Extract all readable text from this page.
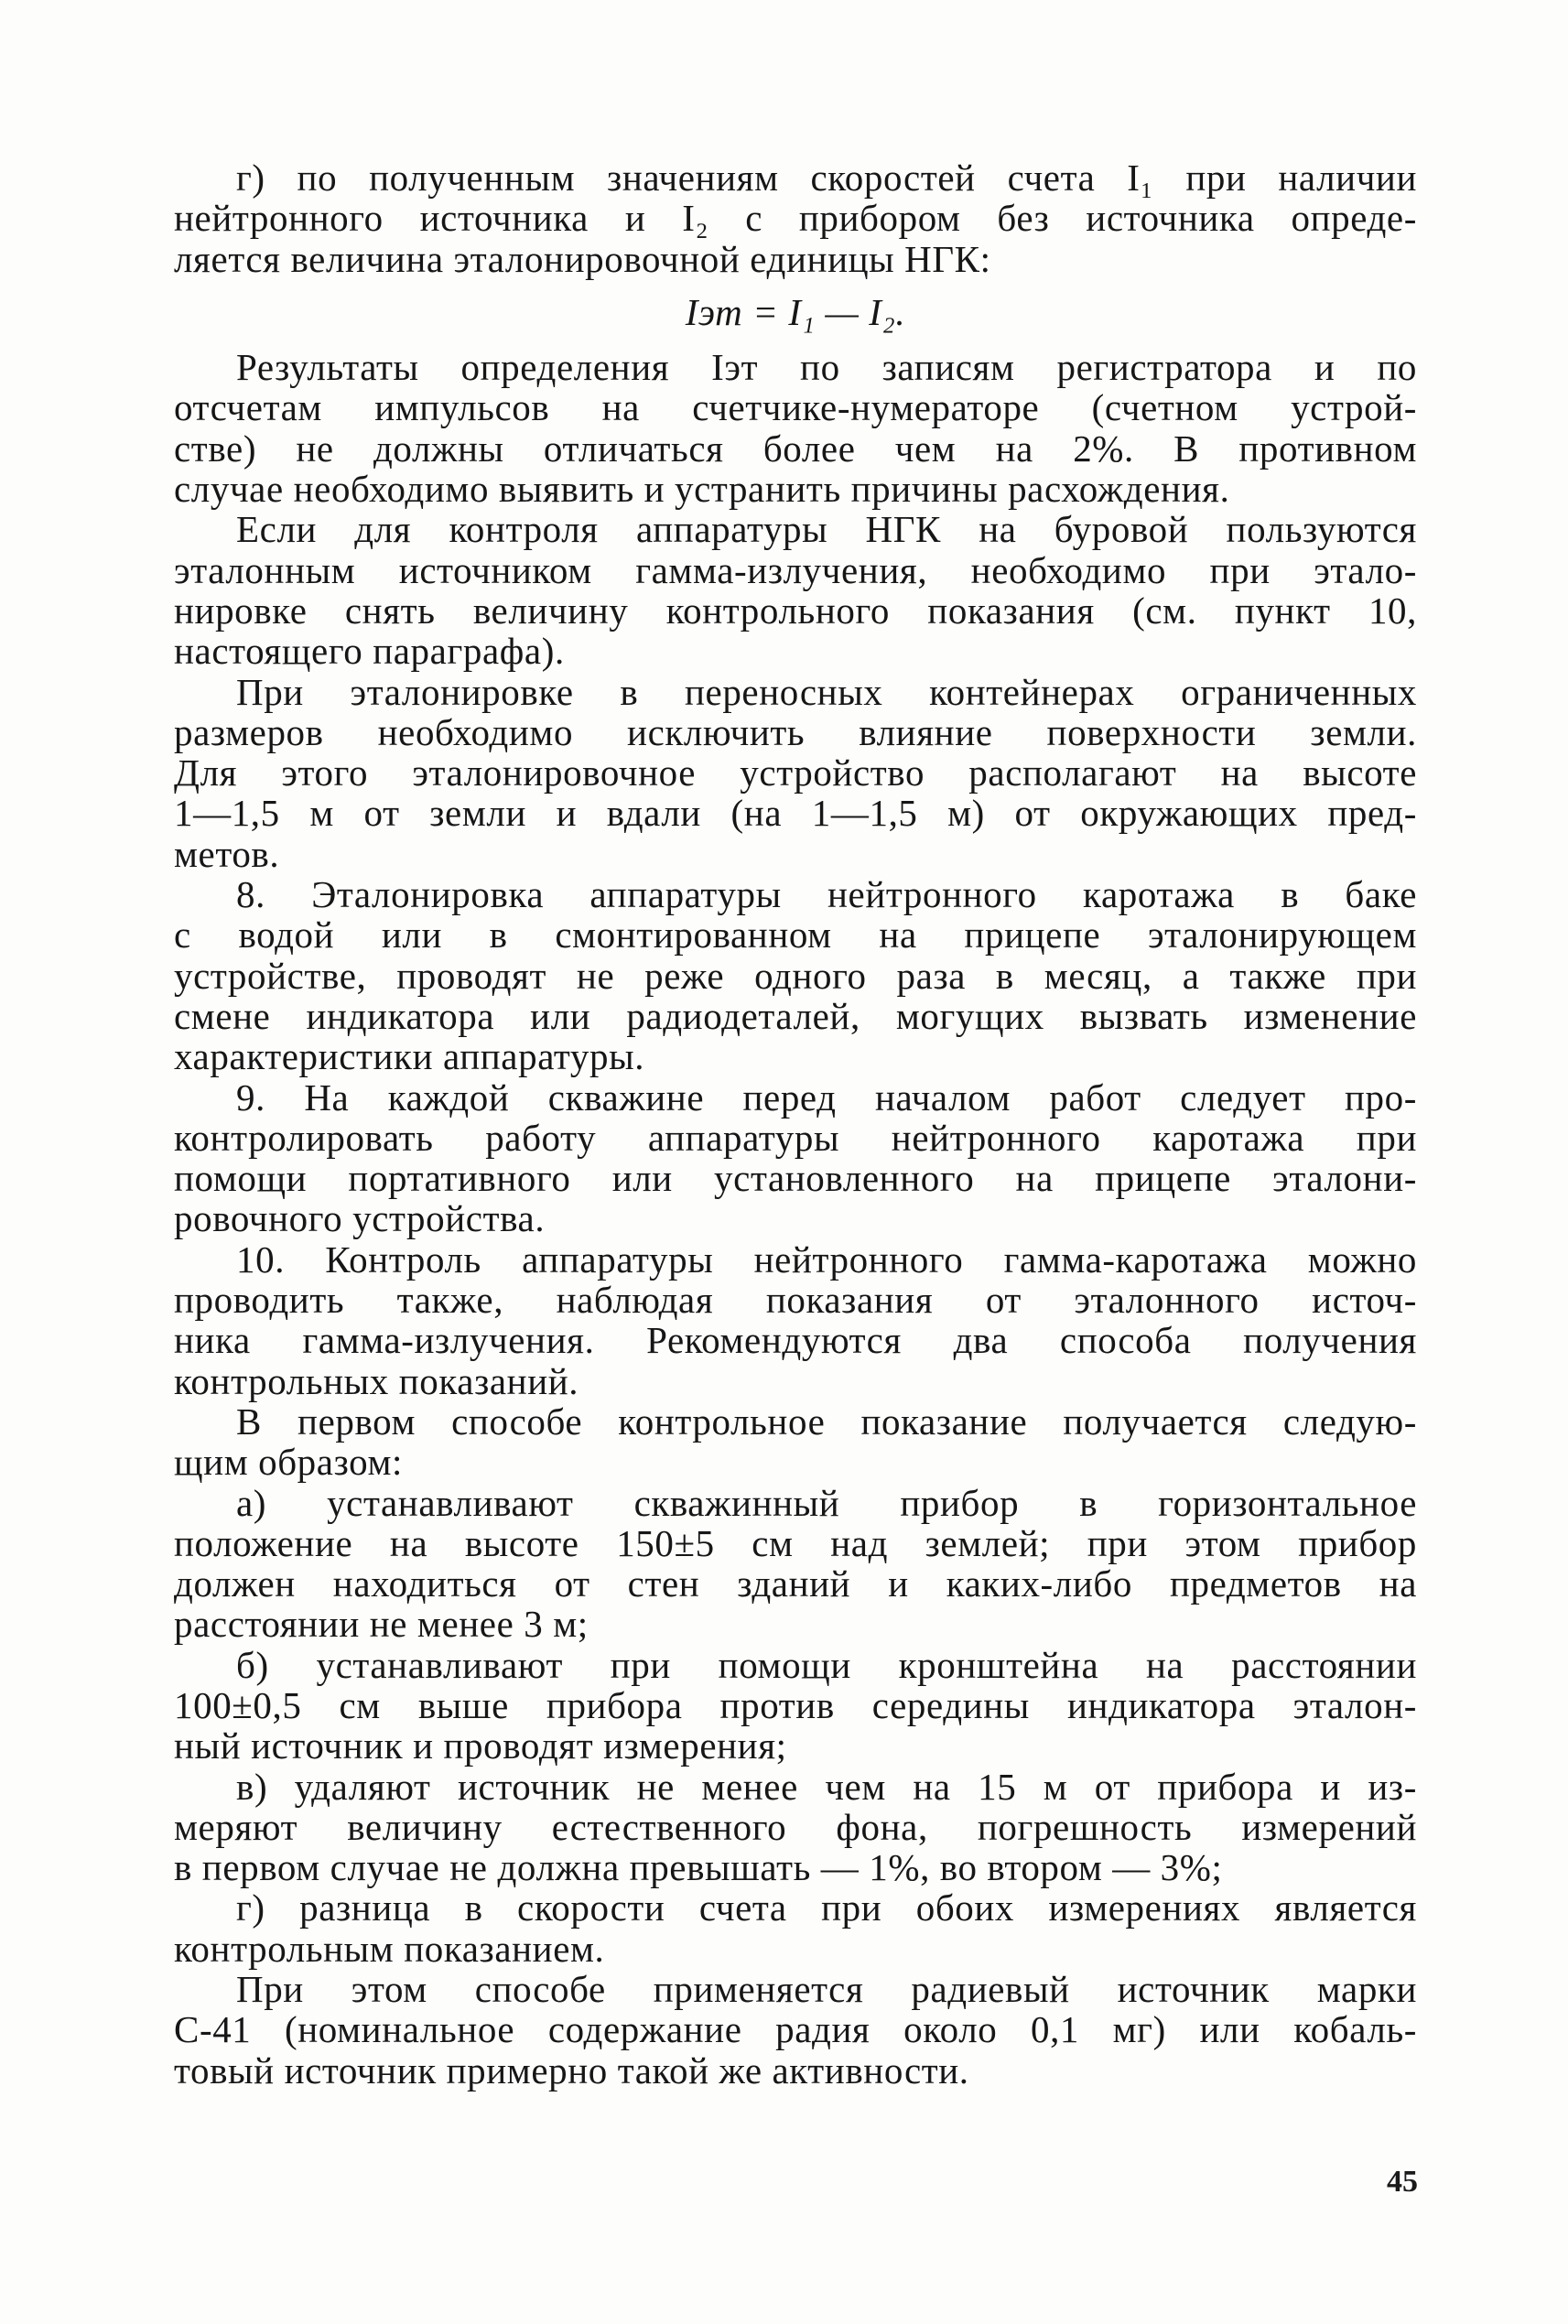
г) по полученным значениям скоростей счета I₁ при наличии
нейтронного источника и I₂ с прибором без источника опреде-
ляется величина эталонировочной единицы НГК:
Iэт = I₁ — I₂.
Результаты определения Iэт по записям регистратора и по
отсчетам импульсов на счетчике-нумераторе (счетном устрой-
стве) не должны отличаться более чем на 2%. В противном
случае необходимо выявить и устранить причины расхождения.
Если для контроля аппаратуры НГК на буровой пользуются
эталонным источником гамма-излучения, необходимо при эталo-
нировке снять величину контрольного показания (см. пункт 10,
настоящего параграфа).
При эталонировке в переносных контейнерах ограниченных
размеров необходимо исключить влияние поверхности земли.
Для этого эталонировочное устройство располагают на высоте
1—1,5 м от земли и вдали (на 1—1,5 м) от окружающих пред-
метов.
8. Эталонировка аппаратуры нейтронного каротажа в баке
с водой или в смонтированном на прицепе эталонирующем
устройстве, проводят не реже одного раза в месяц, а также при
смене индикатора или радиодеталей, могущих вызвать изменение
характеристики аппаратуры.
9. На каждой скважине перед началом работ следует про-
контролировать работу аппаратуры нейтронного каротажа при
помощи портативного или установленного на прицепе эталони-
ровочного устройства.
10. Контроль аппаратуры нейтронного гамма-каротажа можно
проводить также, наблюдая показания от эталонного источ-
ника гамма-излучения. Рекомендуются два способа получения
контрольных показаний.
В первом способе контрольное показание получается следую-
щим образом:
а) устанавливают скважинный прибор в горизонтальное
положение на высоте 150±5 см над землей; при этом прибор
должен находиться от стен зданий и каких-либо предметов на
расстоянии не менее 3 м;
б) устанавливают при помощи кронштейна на расстоянии
100±0,5 см выше прибора против середины индикатора эталон-
ный источник и проводят измерения;
в) удаляют источник не менее чем на 15 м от прибора и из-
меряют величину естественного фона, погрешность измерений
в первом случае не должна превышать — 1%, во втором — 3%;
г) разница в скорости счета при обоих измерениях является
контрольным показанием.
При этом способе применяется радиевый источник марки
С-41 (номинальное содержание радия около 0,1 мг) или кобаль-
товый источник примерно такой же активности.
45
